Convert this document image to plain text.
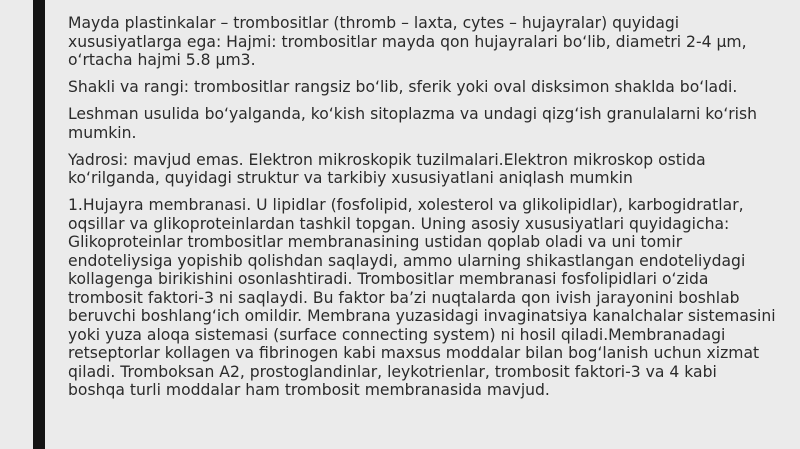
Mayda plastinkalar – trombositlar (thromb – laxta, cytes – hujayralar) quyidagi
xususiyatlarga ega: Hajmi: trombositlar mayda qon hujayralari bo‘lib, diametri 2-4 μm,
o‘rtacha hajmi 5.8 μm3.

Shakli va rangi: trombositlar rangsiz bo‘lib, sferik yoki oval disksimon shaklda bo‘ladi.

Leshman usulida bo‘yalganda, ko‘kish sitoplazma va undagi qizg‘ish granulalarni ko‘rish
mumkin.

Yadrosi: mavjud emas. Elektron mikroskopik tuzilmalari.Elektron mikroskop ostida
ko‘rilganda, quyidagi struktur va tarkibiy xususiyatlani aniqlash mumkin

1.Hujayra membranasi. U lipidlar (fosfolipid, xolesterol va glikolipidlar), karbogidratlar,
oqsillar va glikoproteinlardan tashkil topgan. Uning asosiy xususiyatlari quyidagicha:
Glikoproteinlar trombositlar membranasining ustidan qoplab oladi va uni tomir
endoteliysiga yopishib qolishdan saqlaydi, ammo ularning shikastlangan endoteliydagi
kollagenga birikishini osonlashtiradi. Trombositlar membranasi fosfolipidlari o‘zida
trombosit faktori-3 ni saqlaydi. Bu faktor ba’zi nuqtalarda qon ivish jarayonini boshlab
beruvchi boshlang‘ich omildir. Membrana yuzasidagi invaginatsiya kanalchalar sistemasini
yoki yuza aloqa sistemasi (surface connecting system) ni hosil qiladi.Membranadagi
retseptorlar kollagen va fibrinogen kabi maxsus moddalar bilan bog‘lanish uchun xizmat
qiladi. Tromboksan A2, prostoglandinlar, leykotrienlar, trombosit faktori-3 va 4 kabi
boshqa turli moddalar ham trombosit membranasida mavjud.
